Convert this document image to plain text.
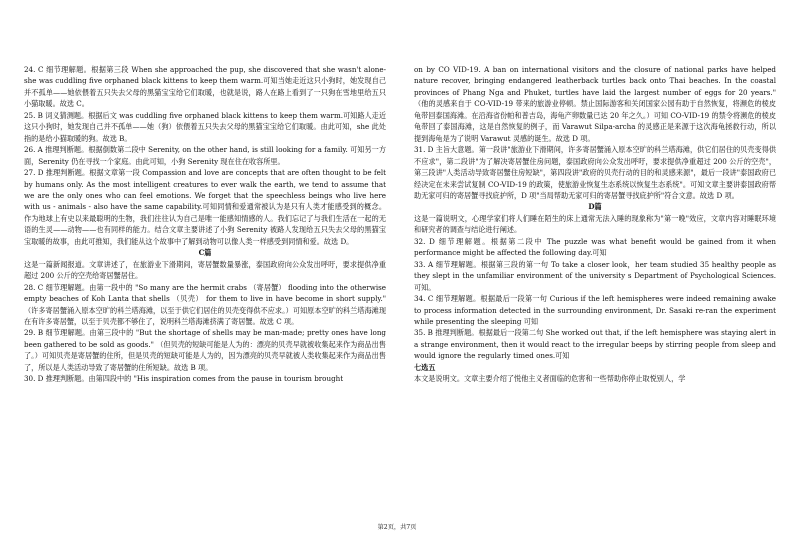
24. C 细节理解题。根据第三段 When she approached the pup, she discovered that she wasn't alone-she was cuddling five orphaned black kittens to keep them warm.可知当她走近这只小狗时，她发现自己并不孤单——她依偎着五只失去父母的黑猫宝宝给它们取暖，也就是说，路人在路上看到了一只狗在雪地里给五只小猫取暖。故选 C。

25. B 词义猜测题。根据后文 was cuddling five orphaned black kittens to keep them warm.可知路人走近这只小狗时，她发现自己并不孤单——她（狗）依偎着五只失去父母的黑猫宝宝给它们取暖。由此可知，she 此处指的是给小猫取暖的狗。故选 B。

26. A 推理判断题。根据倒数第二段中 Serenity, on the other hand, is still looking for a family. 可知另一方面，Serenity 仍在寻找一个家庭。由此可知，小狗 Serenity 现在住在收容所里。

27. D 推理判断题。根据文章第一段 Compassion and love are concepts that are often thought to be felt by humans only. As the most intelligent creatures to ever walk the earth, we tend to assume that we are the only ones who can feel emotions. We forget that the speechless beings who live here with us - animals - also have the same capability.可知同情和爱通常被认为是只有人类才能感受到的概念。作为地球上有史以来最聪明的生物，我们往往认为自己是唯一能感知情感的人。我们忘记了与我们生活在一起的无语的生灵——动物——也有同样的能力。结合文章主要讲述了小狗 Serenity 被路人发现给五只失去父母的黑猫宝宝取暖的故事，由此可推知，我们能从这个故事中了解到动物可以像人类一样感受到同情和爱。故选 D。

C篇

这是一篇新闻报道。文章讲述了，在旅游业下滑期间，寄居蟹数量暴涨，泰国政府向公众发出呼吁，要求提供净重超过 200 公斤的空壳给寄居蟹居住。

28. C 细节理解题。由第一段中的 "So many are the hermit crabs （寄居蟹） flooding into the otherwise empty beaches of Koh Lanta that shells （贝壳） for them to live in have become in short supply." （许多寄居蟹涌入原本空旷的科兰塔海滩，以至于供它们居住的贝壳变得供不应求。）可知原本空旷的科兰塔海滩现在有许多寄居蟹，以至于贝壳都不够住了，说明科兰塔海滩挤满了寄居蟹。故选 C 项。

29. B 细节理解题。由第三段中的 "But the shortage of shells may be man-made; pretty ones have long been gathered to be sold as goods." （但贝壳的短缺可能是人为的：漂亮的贝壳早就被收集起来作为商品出售了。）可知贝壳是寄居蟹的住所，但是贝壳的短缺可能是人为的，因为漂亮的贝壳早就被人类收集起来作为商品出售了，所以是人类活动导致了寄居蟹的住所短缺。故选 B 项。

30. D 推理判断题。由第四段中的 "His inspiration comes from the pause in tourism brought

on by CO VID-19. A ban on international visitors and the closure of national parks have helped nature recover, bringing endangered leatherback turtles back onto Thai beaches. In the coastal provinces of Phang Nga and Phuket, turtles have laid the largest number of eggs for 20 years." （他的灵感来自于 CO-VID-19 带来的旅游业停顿。禁止国际游客和关闭国家公园有助于自然恢复，将濒危的棱皮龟带回泰国海滩。在沿海省份帕和普吉岛，海龟产卵数量已达 20 年之久。）可知 CO-VID-19 的禁令将濒危的棱皮龟带回了泰国海滩，这是自然恢复的例子，而 Varawut Silpa-archa 的灵感正是来源于这次海龟拯救行动，所以提到海龟是为了说明 Varawut 灵感的诞生。故选 D 项。

31. D 主旨大意题。第一段讲"旅游业下滑期间，许多寄居蟹涌入原本空旷的科兰塔海滩，供它们居住的贝壳变得供不应求"，第二段讲"为了解决寄居蟹住房问题，泰国政府向公众发出呼吁，要求提供净重超过 200 公斤的空壳"，第三段讲"人类活动导致寄居蟹住房短缺"，第四段讲"政府的贝壳行动的目的和灵感来源"，最后一段讲"泰国政府已经决定在未来尝试复制 CO-VID-19 的政策，使旅游业恢复生态系统以恢复生态系统"。可知文章主要讲泰国政府帮助无家可归的寄居蟹寻找庇护所，D 项"当局帮助无家可归的寄居蟹寻找庇护所"符合文意。故选 D 项。

D篇

这是一篇说明文，心理学家们将人们睡在陌生的床上通常无法入睡的现象称为"第一晚"效应，文章内容对睡眠环境和研究者的调查与结论进行阐述。

32. D 细节理解题。根据第二段中 The puzzle was what benefit would be gained from it when performance might be affected the following day.可知

33. A 细节理解题。根据第三段的第一句 To take a closer look，her team studied 35 healthy people as they slept in the unfamiliar environment of the university s Department of Psychological Sciences.可知。

34. C 细节理解题。根据最后一段第一句 Curious if the left hemispheres were indeed remaining awake to process information detected in the surrounding environment, Dr. Sasaki re-ran the experiment while presenting the sleeping 可知

35. B 推理判断题。根据最后一段第二句 She worked out that, if the left hemisphere was staying alert in a strange environment, then it would react to the irregular beeps by stirring people from sleep and would ignore the regularly timed ones.可知

七选五

本文是说明文。文章主要介绍了悦他主义者面临的危害和一些帮助你停止取悦别人，学

第2页，共7页
